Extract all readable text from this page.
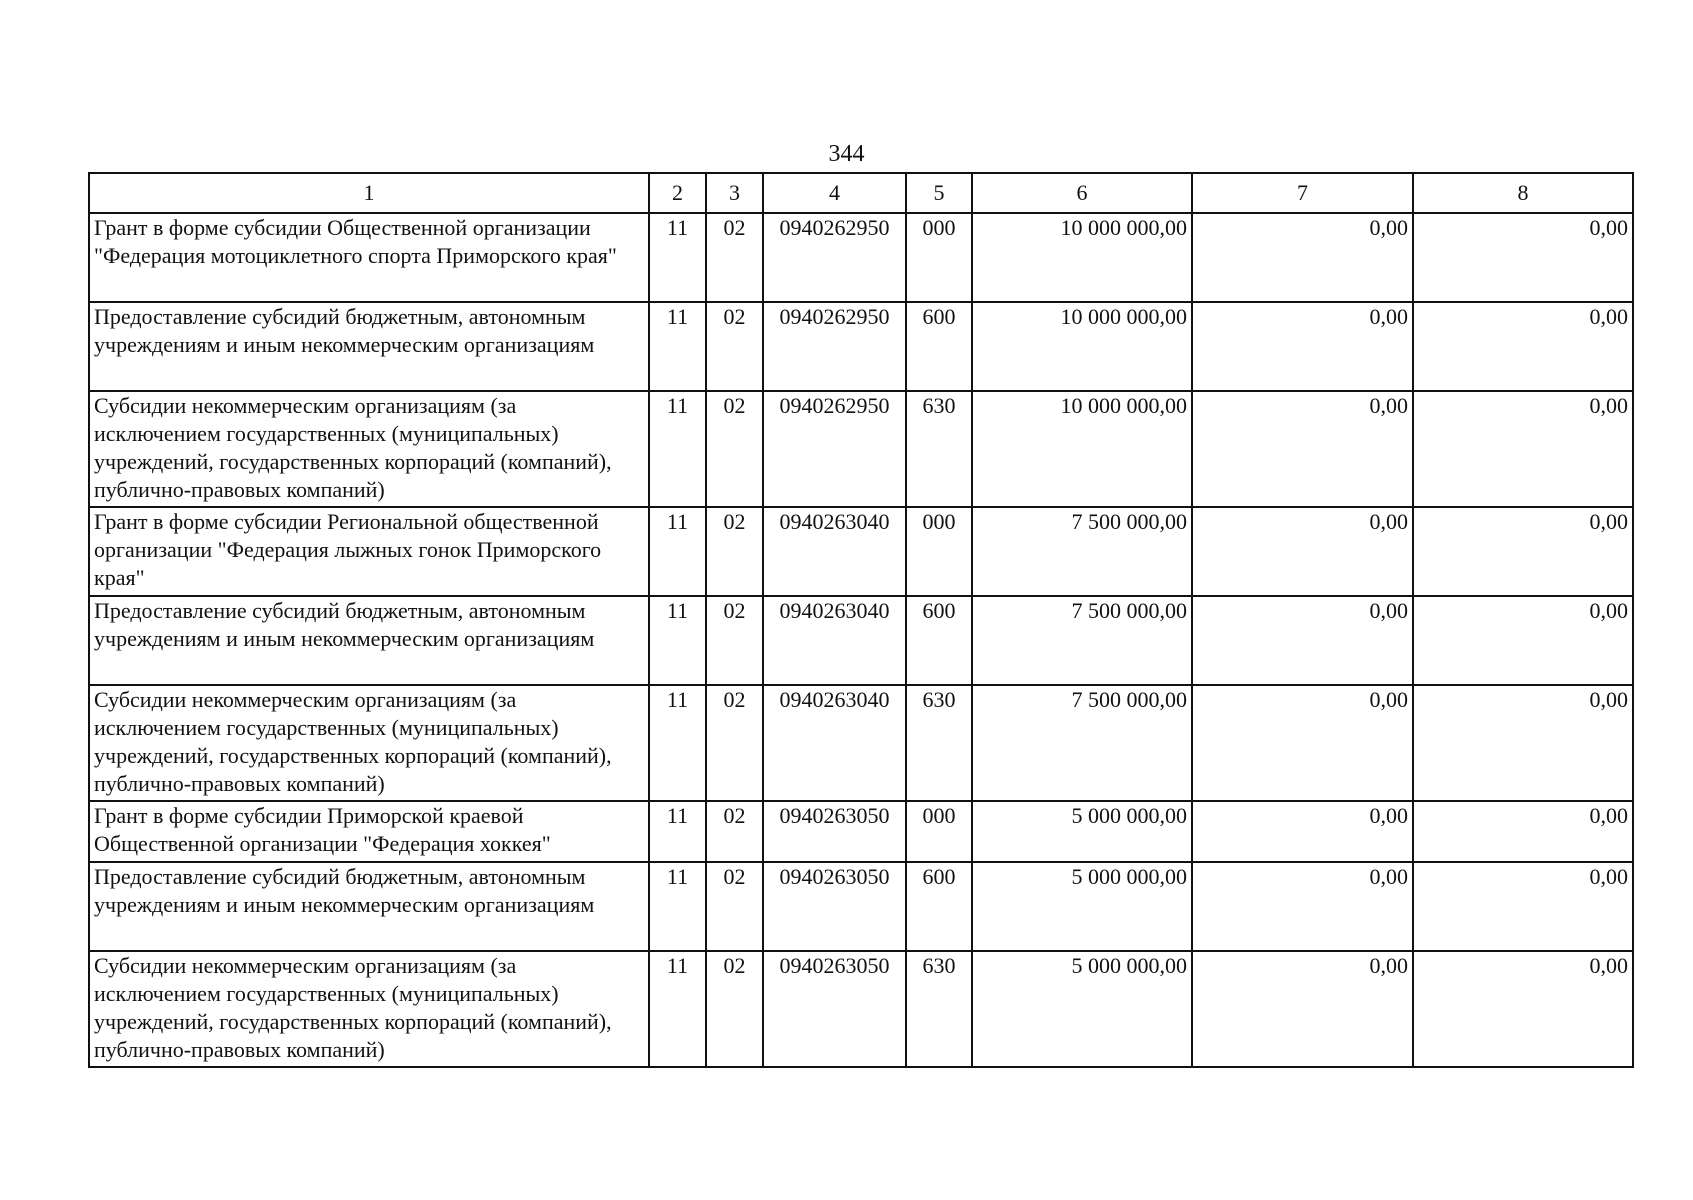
344
1	2	3	4	5	6	7	8
Грант в форме субсидии Общественной организации "Федерация мотоциклетного спорта Приморского края"	11	02	0940262950	000	10 000 000,00	0,00	0,00
Предоставление субсидий бюджетным, автономным учреждениям и иным некоммерческим организациям	11	02	0940262950	600	10 000 000,00	0,00	0,00
Субсидии некоммерческим организациям (за исключением государственных (муниципальных) учреждений, государственных корпораций (компаний), публично-правовых компаний)	11	02	0940262950	630	10 000 000,00	0,00	0,00
Грант в форме субсидии Региональной общественной организации "Федерация лыжных гонок Приморского края"	11	02	0940263040	000	7 500 000,00	0,00	0,00
Предоставление субсидий бюджетным, автономным учреждениям и иным некоммерческим организациям	11	02	0940263040	600	7 500 000,00	0,00	0,00
Субсидии некоммерческим организациям (за исключением государственных (муниципальных) учреждений, государственных корпораций (компаний), публично-правовых компаний)	11	02	0940263040	630	7 500 000,00	0,00	0,00
Грант в форме субсидии Приморской краевой Общественной организации "Федерация хоккея"	11	02	0940263050	000	5 000 000,00	0,00	0,00
Предоставление субсидий бюджетным, автономным учреждениям и иным некоммерческим организациям	11	02	0940263050	600	5 000 000,00	0,00	0,00
Субсидии некоммерческим организациям (за исключением государственных (муниципальных) учреждений, государственных корпораций (компаний), публично-правовых компаний)	11	02	0940263050	630	5 000 000,00	0,00	0,00
